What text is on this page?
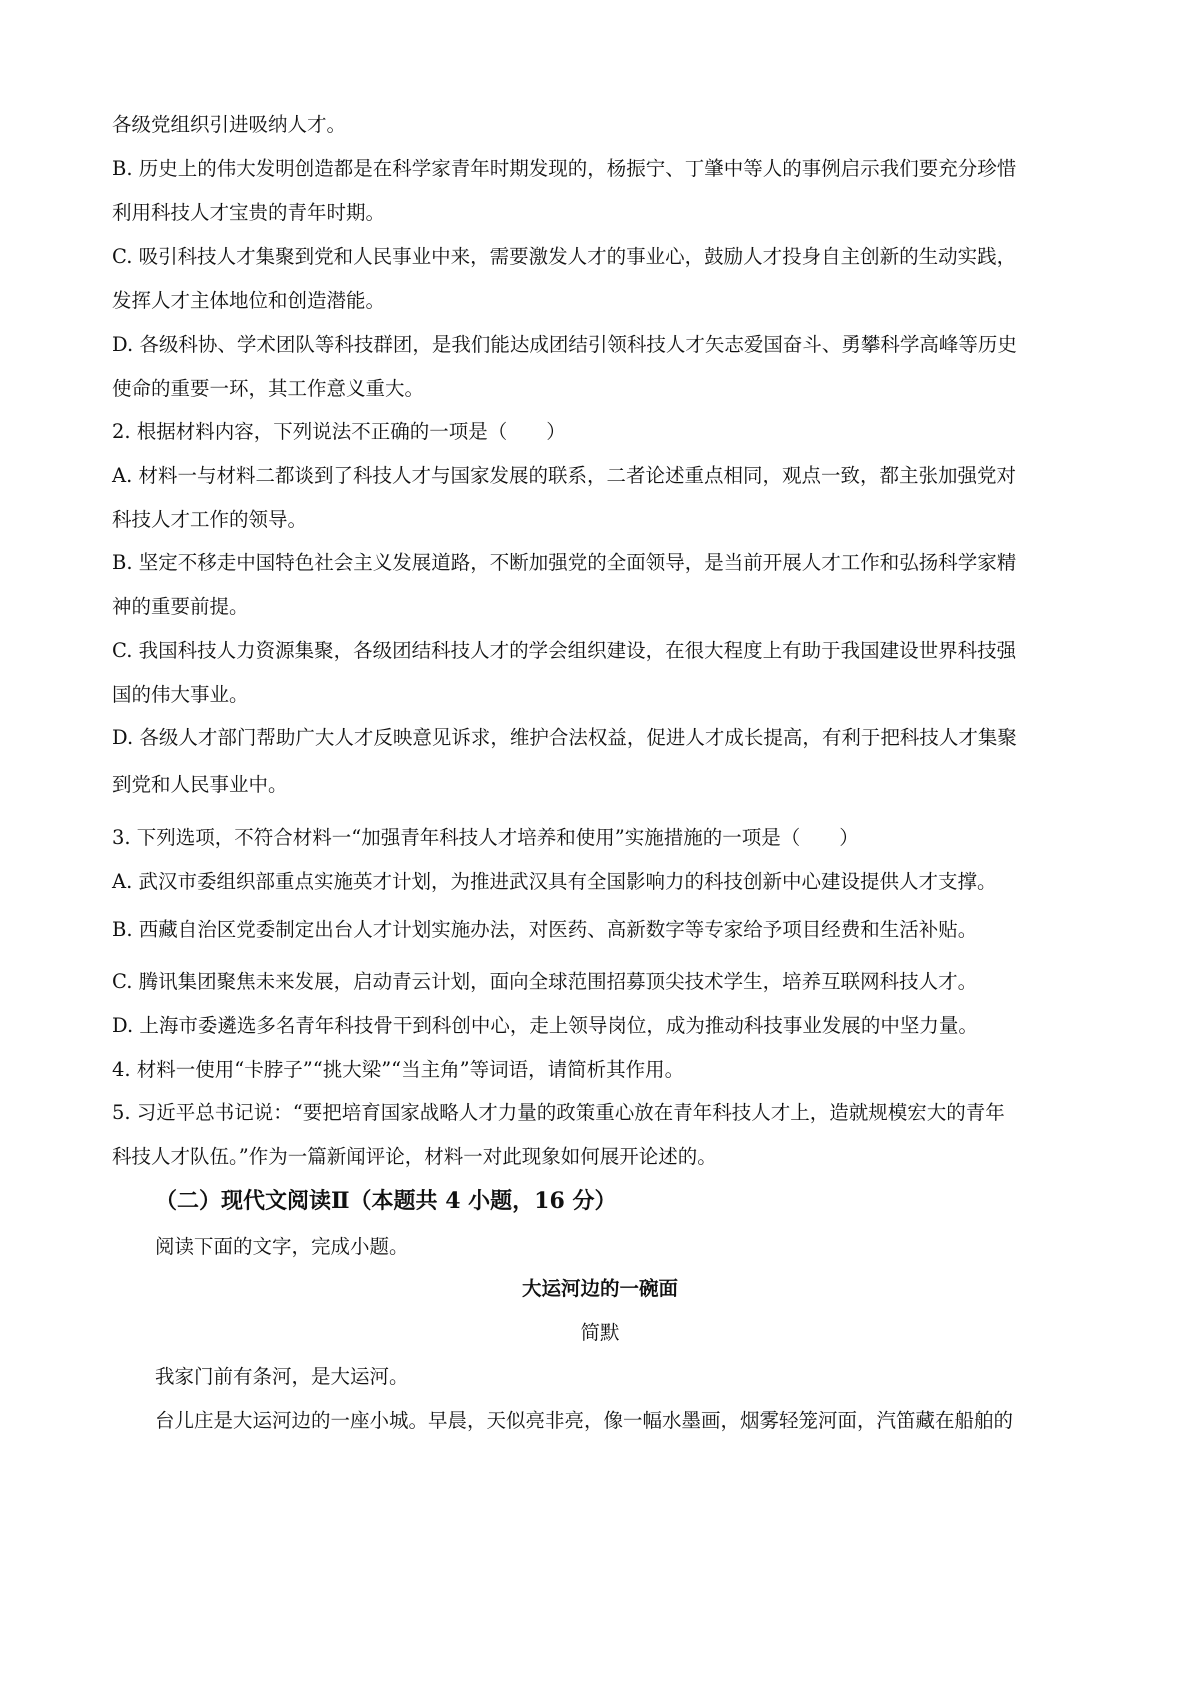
各级党组织引进吸纳人才。
B. 历史上的伟大发明创造都是在科学家青年时期发现的，杨振宁、丁肇中等人的事例启示我们要充分珍惜
利用科技人才宝贵的青年时期。
C. 吸引科技人才集聚到党和人民事业中来，需要激发人才的事业心，鼓励人才投身自主创新的生动实践，
发挥人才主体地位和创造潜能。
D. 各级科协、学术团队等科技群团，是我们能达成团结引领科技人才矢志爱国奋斗、勇攀科学高峰等历史
使命的重要一环，其工作意义重大。
2. 根据材料内容，下列说法不正确的一项是（　　）
A. 材料一与材料二都谈到了科技人才与国家发展的联系，二者论述重点相同，观点一致，都主张加强党对
科技人才工作的领导。
B. 坚定不移走中国特色社会主义发展道路，不断加强党的全面领导，是当前开展人才工作和弘扬科学家精
神的重要前提。
C. 我国科技人力资源集聚，各级团结科技人才的学会组织建设，在很大程度上有助于我国建设世界科技强
国的伟大事业。
D. 各级人才部门帮助广大人才反映意见诉求，维护合法权益，促进人才成长提高，有利于把科技人才集聚
到党和人民事业中。
3. 下列选项，不符合材料一“加强青年科技人才培养和使用”实施措施的一项是（　　）
A. 武汉市委组织部重点实施英才计划，为推进武汉具有全国影响力的科技创新中心建设提供人才支撑。
B. 西藏自治区党委制定出台人才计划实施办法，对医药、高新数字等专家给予项目经费和生活补贴。
C. 腾讯集团聚焦未来发展，启动青云计划，面向全球范围招募顶尖技术学生，培养互联网科技人才。
D. 上海市委遴选多名青年科技骨干到科创中心，走上领导岗位，成为推动科技事业发展的中坚力量。
4. 材料一使用“卡脖子”“挑大梁”“当主角”等词语，请简析其作用。
5. 习近平总书记说：“要把培育国家战略人才力量的政策重心放在青年科技人才上，造就规模宏大的青年
科技人才队伍。”作为一篇新闻评论，材料一对此现象如何展开论述的。
（二）现代文阅读Ⅱ（本题共 4 小题，16 分）
阅读下面的文字，完成小题。
大运河边的一碗面
简默
我家门前有条河，是大运河。
台儿庄是大运河边的一座小城。早晨，天似亮非亮，像一幅水墨画，烟雾轻笼河面，汽笛藏在船舶的
